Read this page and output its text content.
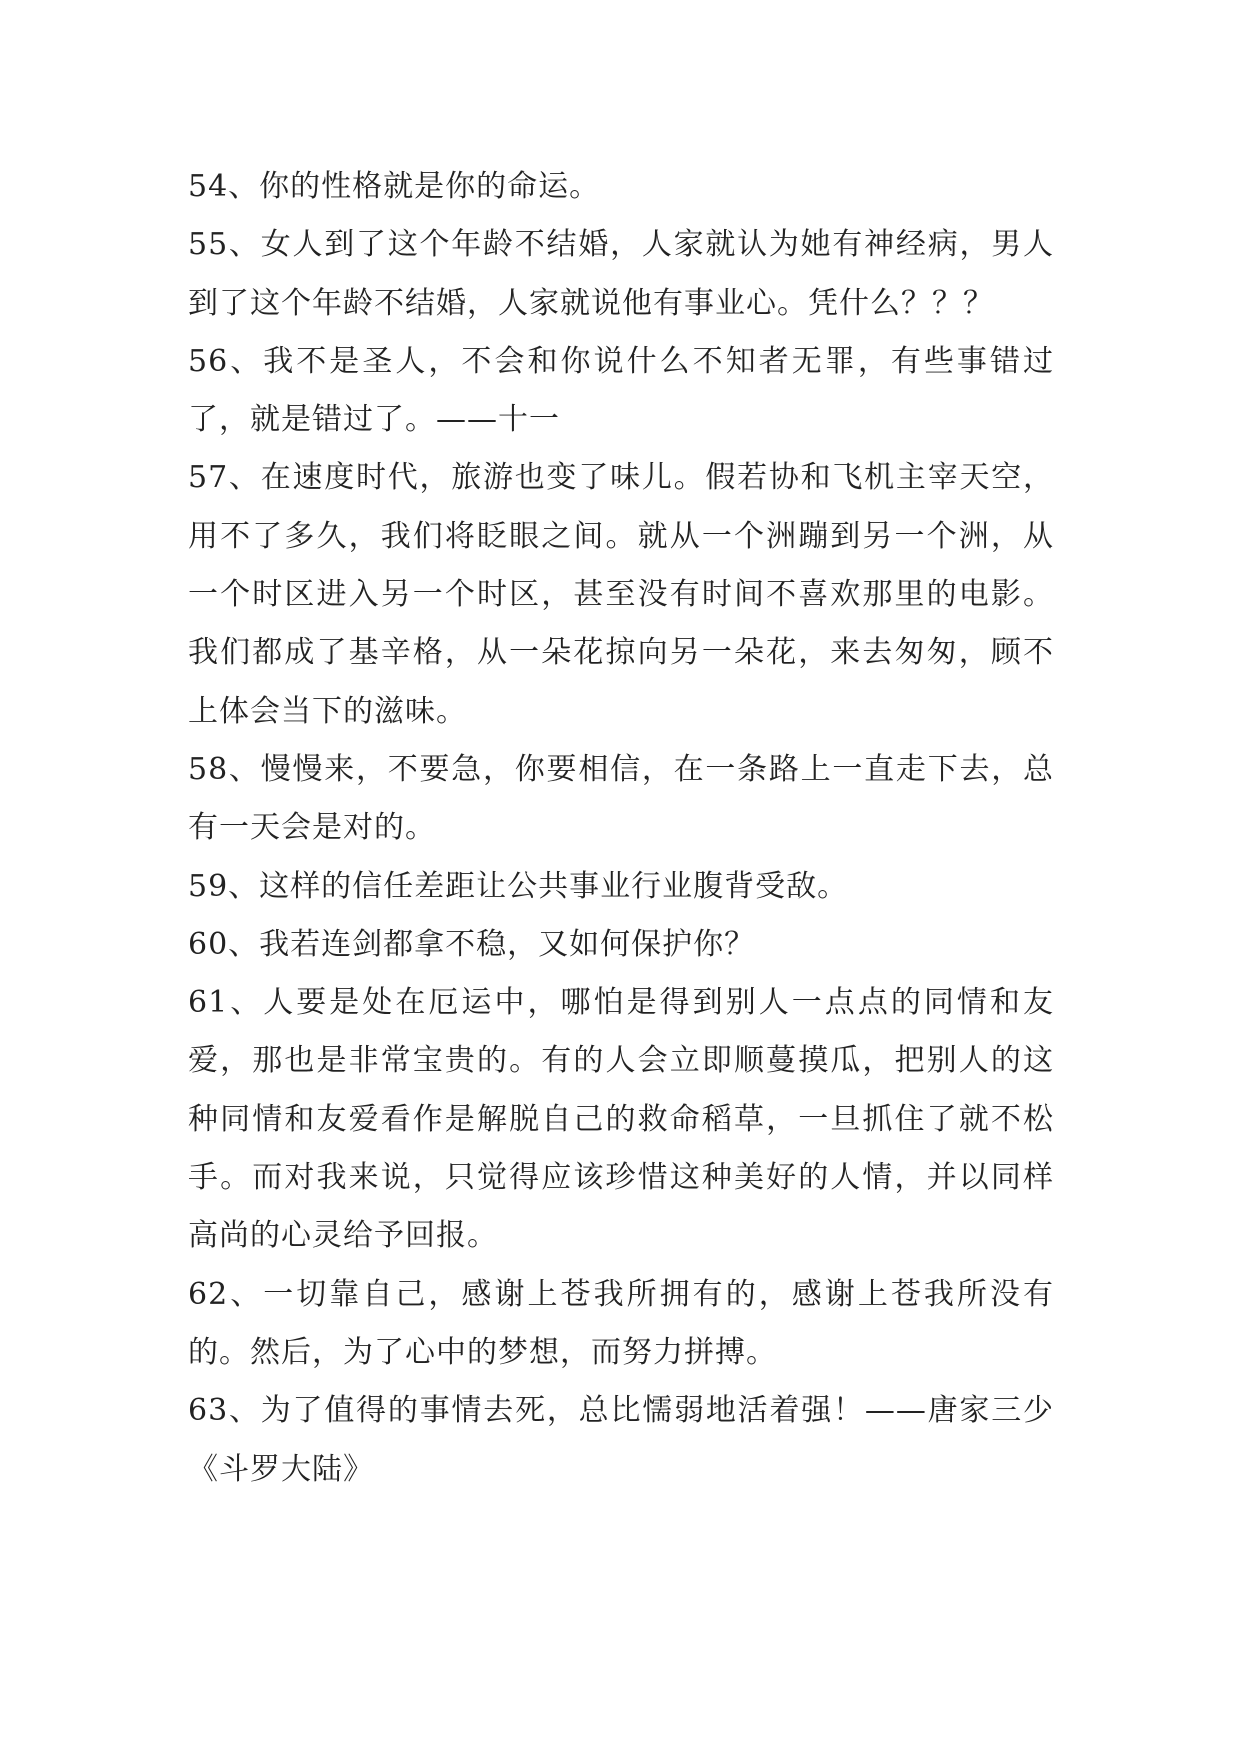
54、你的性格就是你的命运。

55、女人到了这个年龄不结婚，人家就认为她有神经病，男人到了这个年龄不结婚，人家就说他有事业心。凭什么？？？

56、我不是圣人，不会和你说什么不知者无罪，有些事错过了，就是错过了。——十一

57、在速度时代，旅游也变了味儿。假若协和飞机主宰天空，用不了多久，我们将眨眼之间。就从一个洲蹦到另一个洲，从一个时区进入另一个时区，甚至没有时间不喜欢那里的电影。我们都成了基辛格，从一朵花掠向另一朵花，来去匆匆，顾不上体会当下的滋味。

58、慢慢来，不要急，你要相信，在一条路上一直走下去，总有一天会是对的。

59、这样的信任差距让公共事业行业腹背受敌。

60、我若连剑都拿不稳，又如何保护你？

61、人要是处在厄运中，哪怕是得到别人一点点的同情和友爱，那也是非常宝贵的。有的人会立即顺蔓摸瓜，把别人的这种同情和友爱看作是解脱自己的救命稻草，一旦抓住了就不松手。而对我来说，只觉得应该珍惜这种美好的人情，并以同样高尚的心灵给予回报。

62、一切靠自己，感谢上苍我所拥有的，感谢上苍我所没有的。然后，为了心中的梦想，而努力拼搏。

63、为了值得的事情去死，总比懦弱地活着强！——唐家三少《斗罗大陆》
